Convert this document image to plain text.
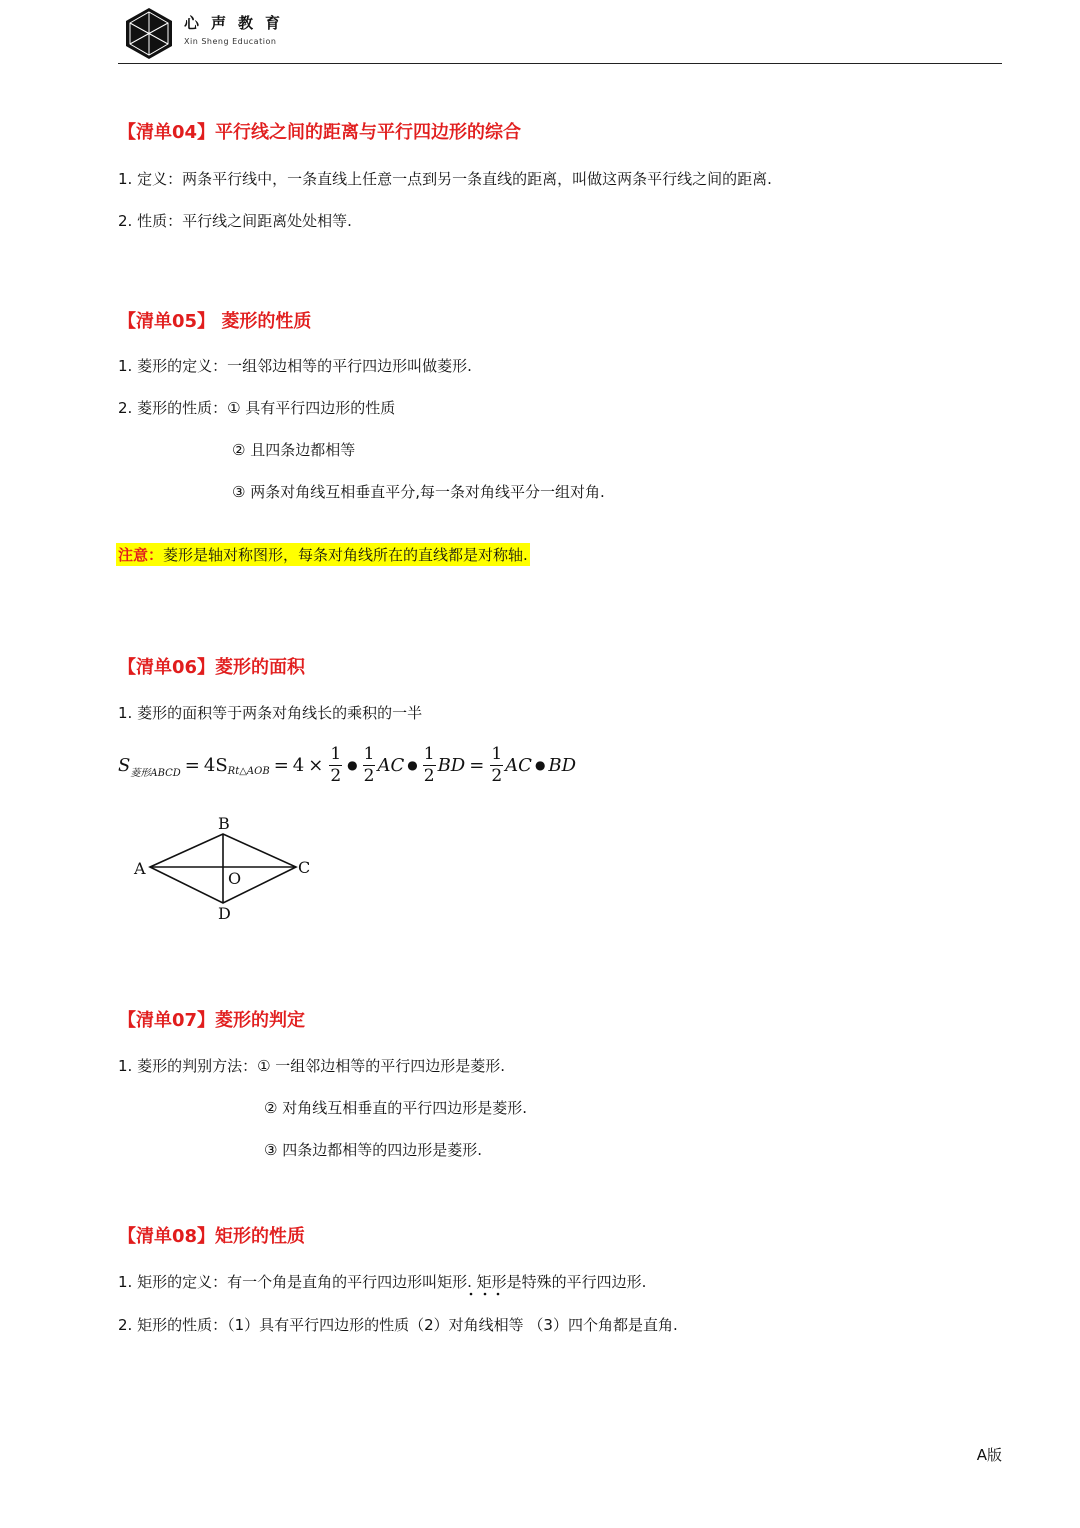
心声教育
Xin Sheng Education
【清单04】平行线之间的距离与平行四边形的综合
1. 定义：两条平行线中，一条直线上任意一点到另一条直线的距离，叫做这两条平行线之间的距离.
2. 性质：平行线之间距离处处相等.
【清单05】 菱形的性质
1. 菱形的定义：一组邻边相等的平行四边形叫做菱形.
2. 菱形的性质：① 具有平行四边形的性质
② 且四条边都相等
③ 两条对角线互相垂直平分,每一条对角线平分一组对角.
注意：菱形是轴对称图形，每条对角线所在的直线都是对称轴.
【清单06】菱形的面积
1. 菱形的面积等于两条对角线长的乘积的一半
$S_{菱形ABCD} = 4S_{Rt\triangle AOB} = 4 \times \frac{1}{2}$ ● $\frac{1}{2}$ AC ● $\frac{1}{2}$ BD = $\frac{1}{2}$ AC ● BD
B
A	C
D
O
【清单07】菱形的判定
1. 菱形的判别方法：① 一组邻边相等的平行四边形是菱形.
② 对角线互相垂直的平行四边形是菱形.
③ 四条边都相等的四边形是菱形.
【清单08】矩形的性质
1. 矩形的定义：有一个角是直角的平行四边形叫矩形. 矩形是特殊的平行四边形.
2. 矩形的性质：（1）具有平行四边形的性质（2）对角线相等 （3）四个角都是直角.
A版
